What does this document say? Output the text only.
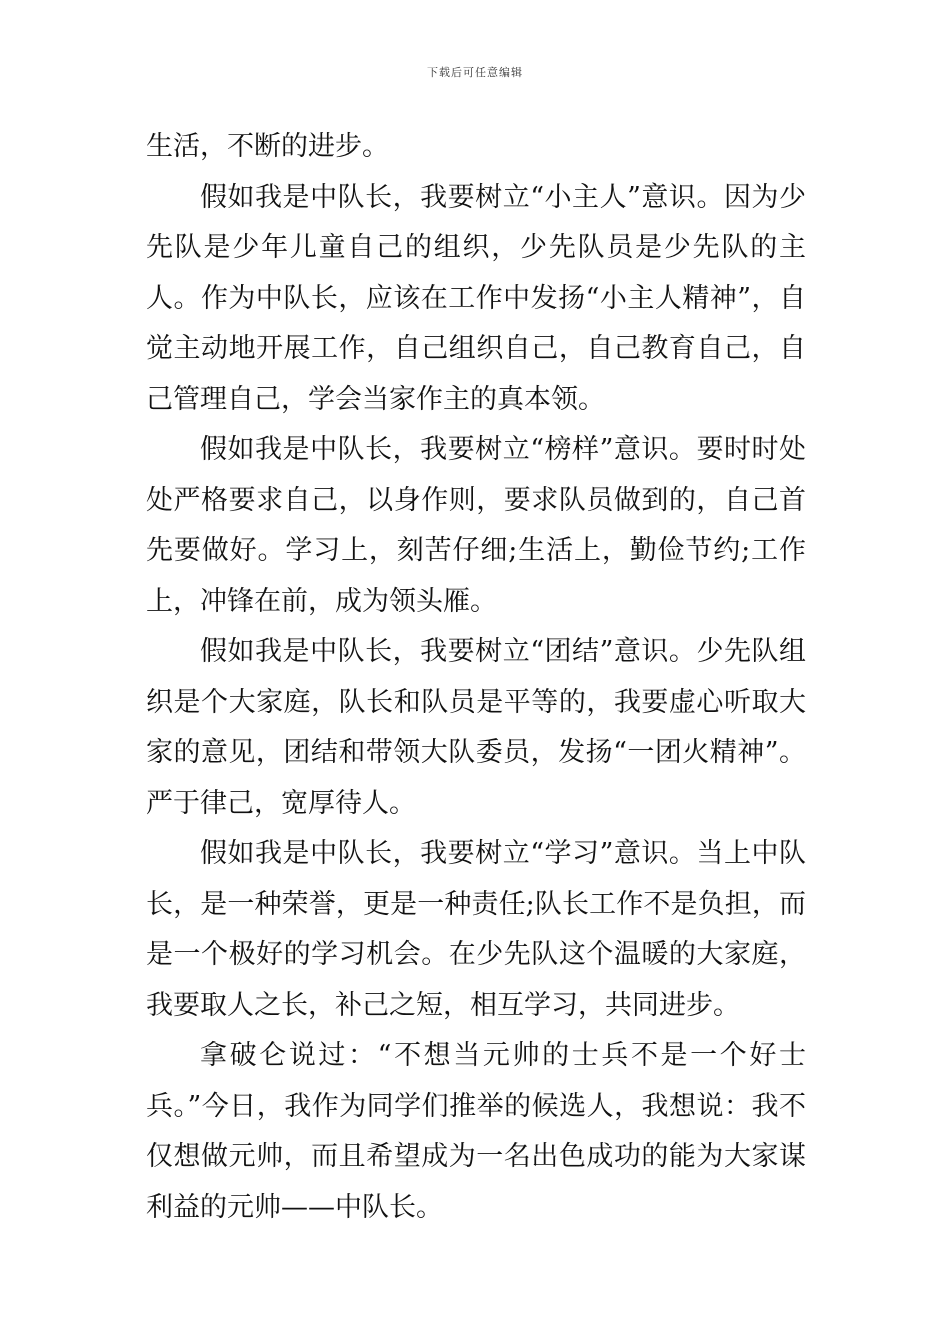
下载后可任意编辑

生活，不断的进步。

假如我是中队长，我要树立“小主人”意识。因为少先队是少年儿童自己的组织，少先队员是少先队的主人。作为中队长，应该在工作中发扬“小主人精神”，自觉主动地开展工作，自己组织自己，自己教育自己，自己管理自己，学会当家作主的真本领。

假如我是中队长，我要树立“榜样”意识。要时时处处严格要求自己，以身作则，要求队员做到的，自己首先要做好。学习上，刻苦仔细;生活上，勤俭节约;工作上，冲锋在前，成为领头雁。

假如我是中队长，我要树立“团结”意识。少先队组织是个大家庭，队长和队员是平等的，我要虚心听取大家的意见，团结和带领大队委员，发扬“一团火精神”。严于律己，宽厚待人。

假如我是中队长，我要树立“学习”意识。当上中队长，是一种荣誉，更是一种责任;队长工作不是负担，而是一个极好的学习机会。在少先队这个温暖的大家庭，我要取人之长，补己之短，相互学习，共同进步。

拿破仑说过：“不想当元帅的士兵不是一个好士兵。”今日，我作为同学们推举的候选人，我想说：我不仅想做元帅，而且希望成为一名出色成功的能为大家谋利益的元帅——中队长。
